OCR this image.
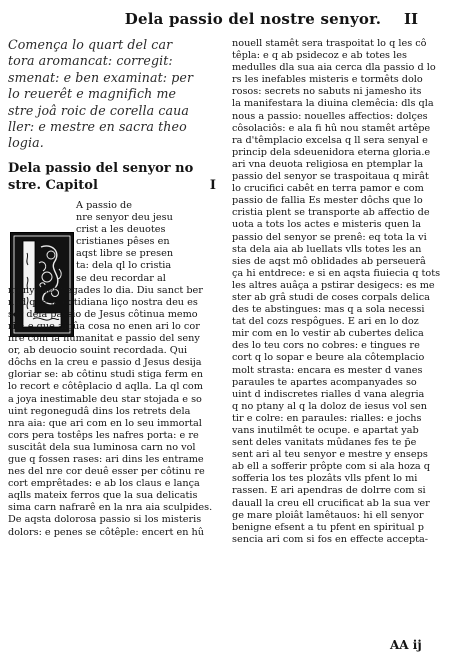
Dela passio del nostre senyor.	II
Comença lo quart del car
tora aromancat: corregit:
smenat: e ben examinat: per
lo reuerêt e magnifich me
stre joâ roic de corella caua
ller: e mestre en sacra theo
logia.
Dela passio del senyor no
stre. Capitol	I
A passio de
nre senyor deu jesu
crist a les deuotes
cristianes pêses en
aqst libre se presen
ta: dela ql lo cristia
se deu recordar al
menys set vegades lo dia. Diu sanct ber
nad que la cotidiana liço nostra deu es
ser dela passio de Jesus côtinua memo
ria: e que algûa cosa no enen ari lo cor
nre com la humanitat e passio del seny
or, ab deuocio souint recordada. Qui
dôchs en la creu e passio d Jesus desija
gloriar se: ab côtinu studi stiga ferm en
lo recort e côtêplacio d aqlla. La ql com
a joya inestimable deu star stojada e so
uint regonegudâ dins los retrets dela
nra aia: que ari com en lo seu immortal
cors pera tostêps les nafres porta: e re
suscitât dela sua luminosa carn no vol
gue q fossen rases: ari dins les entrame
nes del nre cor deuê esser per côtinu re
cort emprêtades: e ab los claus e lança
aqlls mateix ferros que la sua delicatis
sima carn nafrarê en la nra aia sculpides.
De aqsta dolorosa passio si los misteris
dolors: e penes se côtêple: encert en hû
nouell stamêt sera traspoitat lo q les cô
têpla: e q ab psidecoz e ab totes les
medulles dla sua aia cerca dla passio d lo
rs les inefables misteris e tormêts dolo
rosos: secrets no sabuts ni jamesho its
la manifestara la diuina clemêcia: dls qla
nous a passio: nouelles affectios: dolçes
côsolaciôs: e ala fi hû nou stamêt artêpe
ra d'têmplacio excelsa q ll sera senyal e
princip dela sdeuenidora eterna gloria.e
ari vna deuota religiosa en ptemplar la
passio del senyor se traspoitaua q mirât
lo crucifici cabêt en terra pamor e com
passio de fallia Es mester dôchs que lo
cristia plent se transporte ab affectio de
uota a tots los actes e misteris quen la
passio del senyor se prenê: eq tota la vi
sta dela aia ab luellats vlls totes les an
sies de aqst mô oblidades ab perseuerâ
ça hi entdrece: e si en aqsta fiuiecia q tots
les altres auâça a pstirar desigecs: es me
ster ab grâ studi de coses corpals delica
des te abstingues: mas q a sola necessi
tat del cozs respôgues. E ari en lo doz
mir com en lo vestir ab cubertes delica
des lo teu cors no cobres: e tingues re
cort q lo sopar e beure ala côtemplacio
molt strasta: encara es mester d vanes
paraules te apartes acompanyades so
uint d indiscretes rialles d vana alegria
q no ptany al q la doloz de iesus vol sen
tir e colre: en paraules: rialles: e jochs
vans inutilmêt te ocupe. e apartat yab
sent deles vanitats mûdanes fes te p̄e
sent ari al teu senyor e mestre y enseps
ab ell a sofferir prôpte com si ala hoza q
sofferia los tes plozâts vlls pfent lo mi
rassen. E ari apendras de dolrre com si
dauall la creu ell crucificat ab la sua ver
ge mare ploiât lamêtauos: hi ell senyor
benigne efsent a tu pfent en spiritual p
sencia ari com si fos en effecte accepta-
AA ij
